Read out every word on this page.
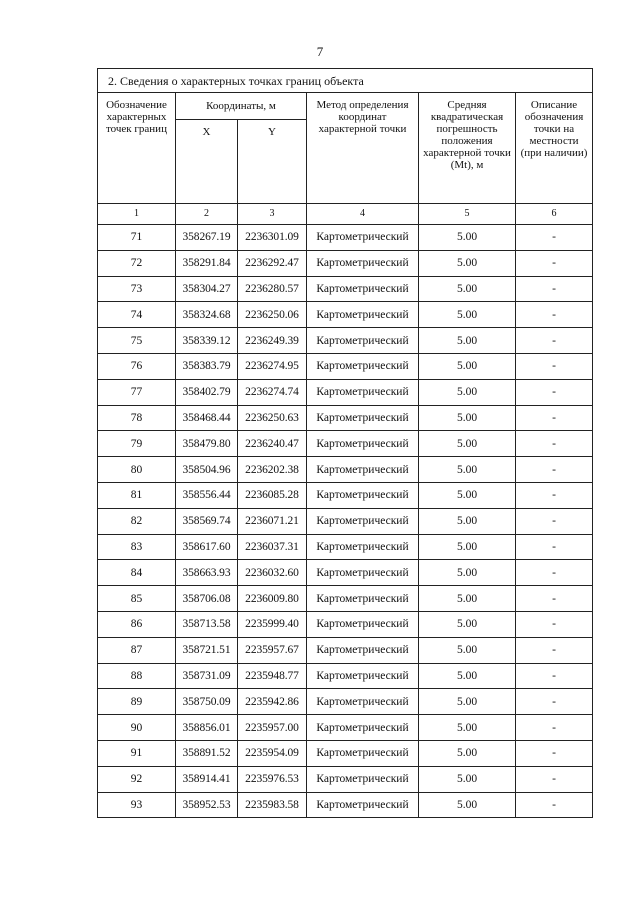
7
2. Сведения о характерных точках границ объекта					
Обозначение характерных точек границ	Координаты, м		Метод определения координат характерной точки	Средняя квадратическая погрешность положения характерной точки (Mt), м	Описание обозначения точки на местности (при наличии)
	X	Y			
1	2	3	4	5	6
71	358267.19	2236301.09	Картометрический	5.00	-
72	358291.84	2236292.47	Картометрический	5.00	-
73	358304.27	2236280.57	Картометрический	5.00	-
74	358324.68	2236250.06	Картометрический	5.00	-
75	358339.12	2236249.39	Картометрический	5.00	-
76	358383.79	2236274.95	Картометрический	5.00	-
77	358402.79	2236274.74	Картометрический	5.00	-
78	358468.44	2236250.63	Картометрический	5.00	-
79	358479.80	2236240.47	Картометрический	5.00	-
80	358504.96	2236202.38	Картометрический	5.00	-
81	358556.44	2236085.28	Картометрический	5.00	-
82	358569.74	2236071.21	Картометрический	5.00	-
83	358617.60	2236037.31	Картометрический	5.00	-
84	358663.93	2236032.60	Картометрический	5.00	-
85	358706.08	2236009.80	Картометрический	5.00	-
86	358713.58	2235999.40	Картометрический	5.00	-
87	358721.51	2235957.67	Картометрический	5.00	-
88	358731.09	2235948.77	Картометрический	5.00	-
89	358750.09	2235942.86	Картометрический	5.00	-
90	358856.01	2235957.00	Картометрический	5.00	-
91	358891.52	2235954.09	Картометрический	5.00	-
92	358914.41	2235976.53	Картометрический	5.00	-
93	358952.53	2235983.58	Картометрический	5.00	-
